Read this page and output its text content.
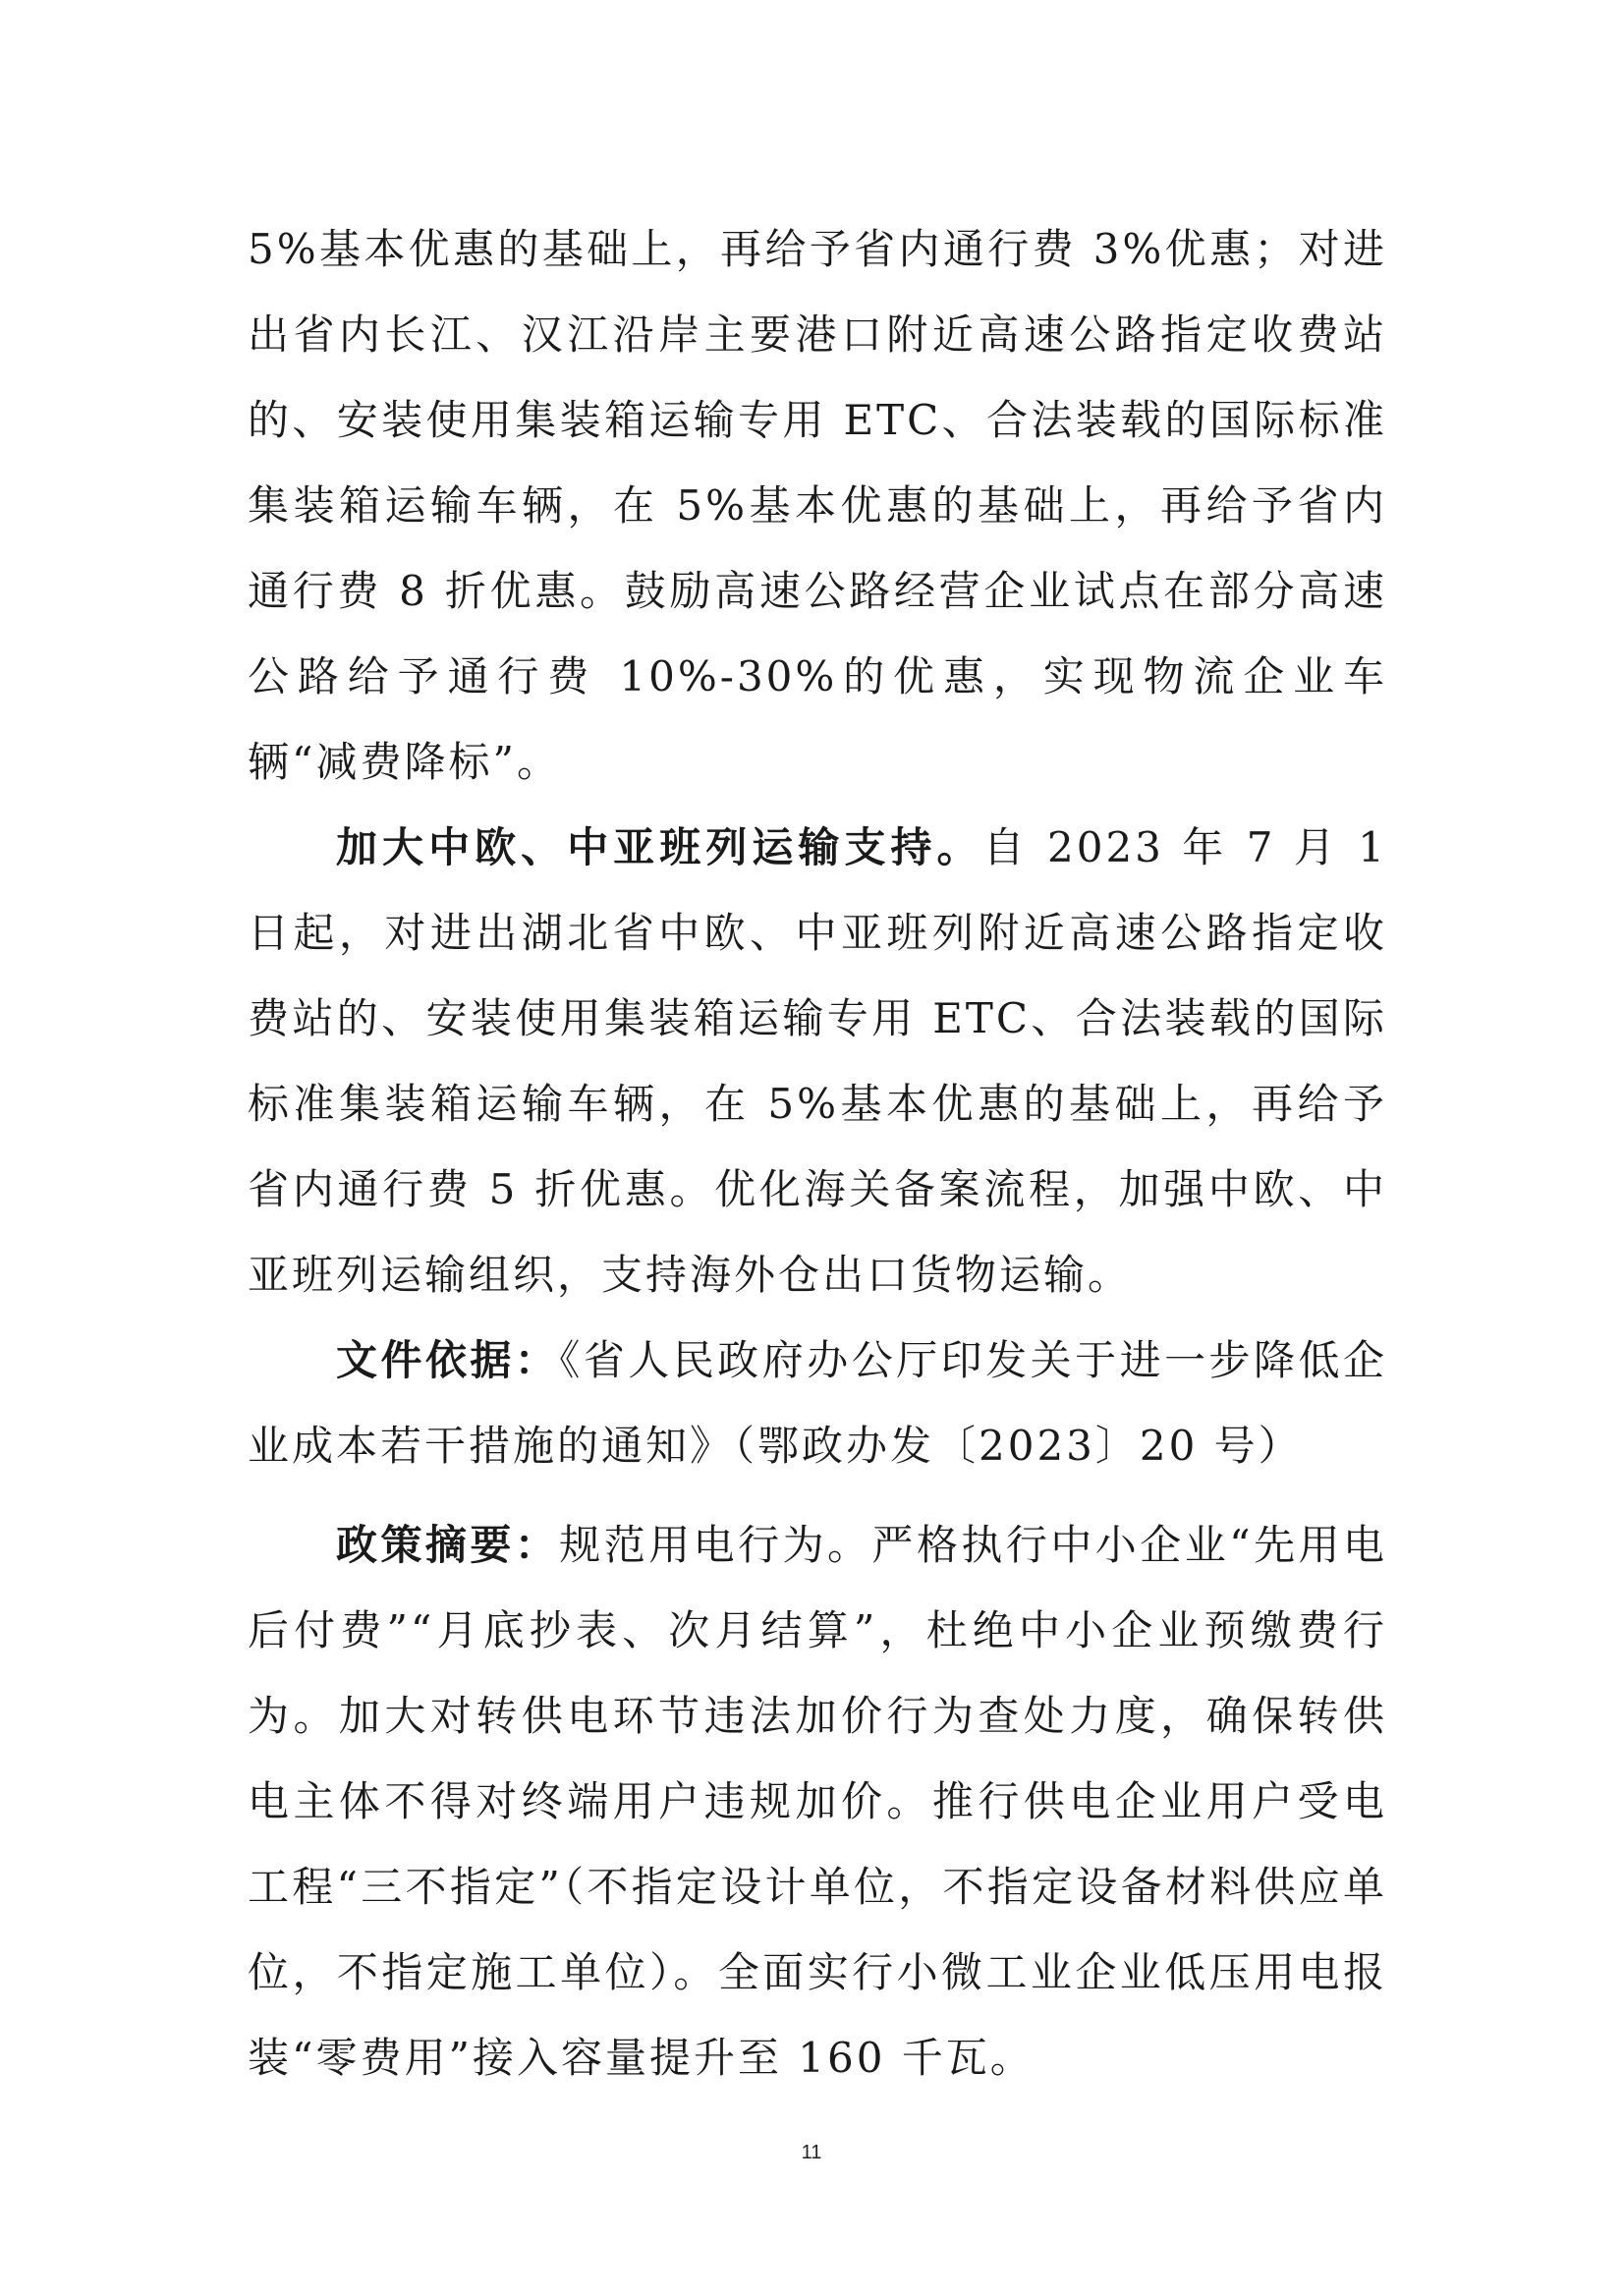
5%基本优惠的基础上，再给予省内通行费 3%优惠；对进出省内长江、汉江沿岸主要港口附近高速公路指定收费站的、安装使用集装箱运输专用 ETC、合法装载的国际标准集装箱运输车辆，在 5%基本优惠的基础上，再给予省内通行费 8 折优惠。鼓励高速公路经营企业试点在部分高速公路给予通行费 10%-30%的优惠，实现物流企业车辆“减费降标”。

加大中欧、中亚班列运输支持。自 2023 年 7 月 1 日起，对进出湖北省中欧、中亚班列附近高速公路指定收费站的、安装使用集装箱运输专用 ETC、合法装载的国际标准集装箱运输车辆，在 5%基本优惠的基础上，再给予省内通行费 5 折优惠。优化海关备案流程，加强中欧、中亚班列运输组织，支持海外仓出口货物运输。

文件依据：《省人民政府办公厅印发关于进一步降低企业成本若干措施的通知》（鄂政办发〔2023〕20 号）

政策摘要：规范用电行为。严格执行中小企业“先用电后付费”“月底抄表、次月结算”，杜绝中小企业预缴费行为。加大对转供电环节违法加价行为查处力度，确保转供电主体不得对终端用户违规加价。推行供电企业用户受电工程“三不指定”（不指定设计单位，不指定设备材料供应单位，不指定施工单位）。全面实行小微工业企业低压用电报装“零费用”接入容量提升至 160 千瓦。

11
